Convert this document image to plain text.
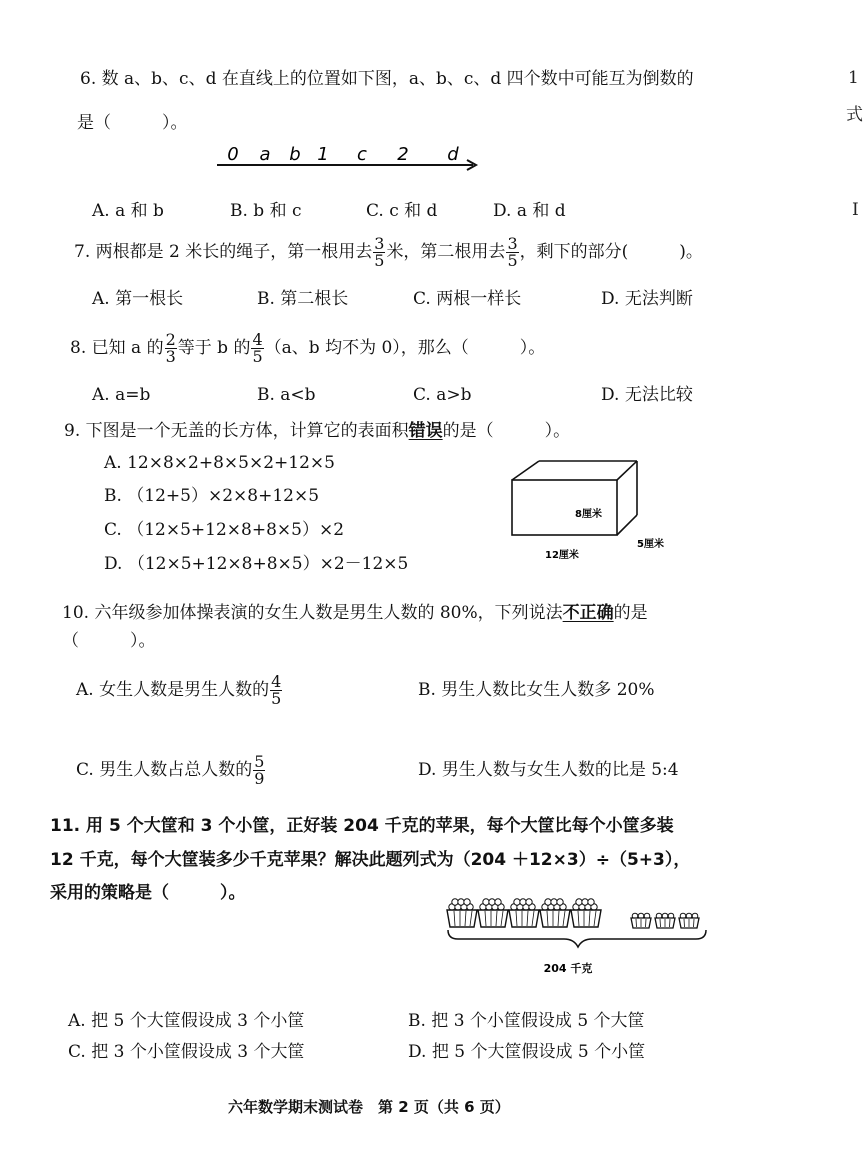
1
式
I
6. 数 a、b、c、d 在直线上的位置如下图，a、b、c、d 四个数中可能互为倒数的
是（　　　）。
0 a b 1 c 2 d
A. a 和 b	B. b 和 c	C. c 和 d	D. a 和 d
7. 两根都是 2 米长的绳子，第一根用去 $\frac{3}{5}$ 米，第二根用去 $\frac{3}{5}$ ，剩下的部分(　　　)。
A. 第一根长	B. 第二根长	C. 两根一样长	D. 无法判断
8. 已知 a 的 $\frac{2}{3}$ 等于 b 的 $\frac{4}{5} (a$、b 均不为 0），那么（　　　）。
A. a=b	B. a<b	C. a>b	D. 无法比较
9. 下图是一个无盖的长方体，计算它的表面积错误的是（　　　）。
A. 12×8×2+8×5×2+12×5
B. （12+5）×2×8+12×5
C. （12×5+12×8+8×5）×2
D. （12×5+12×8+8×5）×2－12×5
8厘米
5厘米
12厘米
10. 六年级参加体操表演的女生人数是男生人数的 80%，下列说法不正确的是
（　　　）。
A. 女生人数是男生人数的 $\frac{4}{5}$	B. 男生人数比女生人数多 20%
C. 男生人数占总人数的 $\frac{5}{9}$	D. 男生人数与女生人数的比是 5:4
11. 用 5 个大筐和 3 个小筐，正好装 204 千克的苹果，每个大筐比每个小筐多装
12 千克，每个大筐装多少千克苹果？解决此题列式为（204 ＋12×3）÷（5+3），
采用的策略是（　　　）。
204 千克
A. 把 5 个大筐假设成 3 个小筐	B. 把 3 个小筐假设成 5 个大筐
C. 把 3 个小筐假设成 3 个大筐	D. 把 5 个大筐假设成 5 个小筐
六年数学期末测试卷　第 2 页（共 6 页）
